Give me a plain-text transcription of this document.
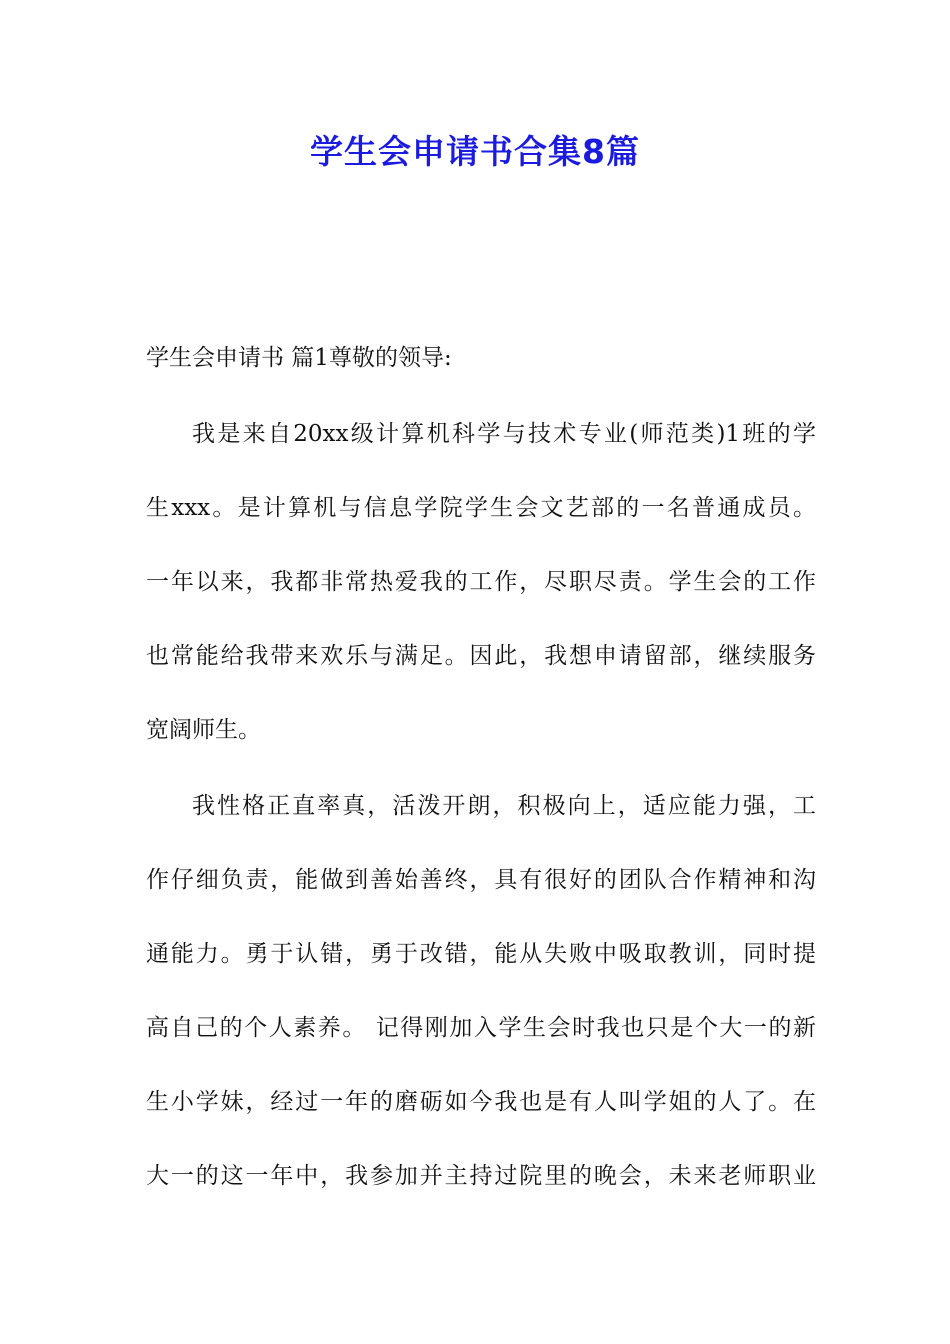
学生会申请书合集8篇
学生会申请书 篇1尊敬的领导:
我是来自20xx级计算机科学与技术专业(师范类)1班的学
生xxx。是计算机与信息学院学生会文艺部的一名普通成员。
一年以来，我都非常热爱我的工作，尽职尽责。学生会的工作
也常能给我带来欢乐与满足。因此，我想申请留部，继续服务
宽阔师生。
我性格正直率真，活泼开朗，积极向上，适应能力强，工
作仔细负责，能做到善始善终，具有很好的团队合作精神和沟
通能力。勇于认错，勇于改错，能从失败中吸取教训，同时提
高自己的个人素养。 记得刚加入学生会时我也只是个大一的新
生小学妹，经过一年的磨砺如今我也是有人叫学姐的人了。在
大一的这一年中，我参加并主持过院里的晚会，未来老师职业
